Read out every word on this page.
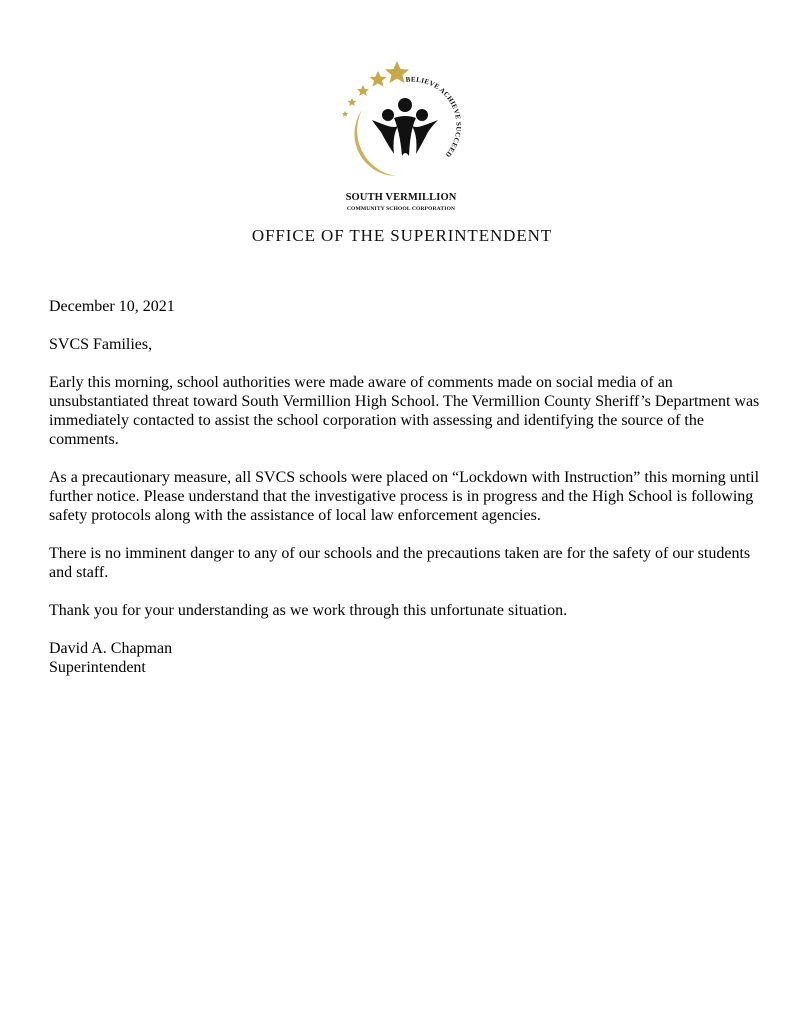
BELIEVE ACHIEVE SUCCEED
SOUTH VERMILLION
COMMUNITY SCHOOL CORPORATION
OFFICE OF THE SUPERINTENDENT

December 10, 2021

SVCS Families,

Early this morning, school authorities were made aware of comments made on social media of an unsubstantiated threat toward South Vermillion High School. The Vermillion County Sheriff’s Department was immediately contacted to assist the school corporation with assessing and identifying the source of the comments.

As a precautionary measure, all SVCS schools were placed on “Lockdown with Instruction” this morning until further notice. Please understand that the investigative process is in progress and the High School is following safety protocols along with the assistance of local law enforcement agencies.

There is no imminent danger to any of our schools and the precautions taken are for the safety of our students and staff.

Thank you for your understanding as we work through this unfortunate situation.

David A. Chapman

Superintendent
